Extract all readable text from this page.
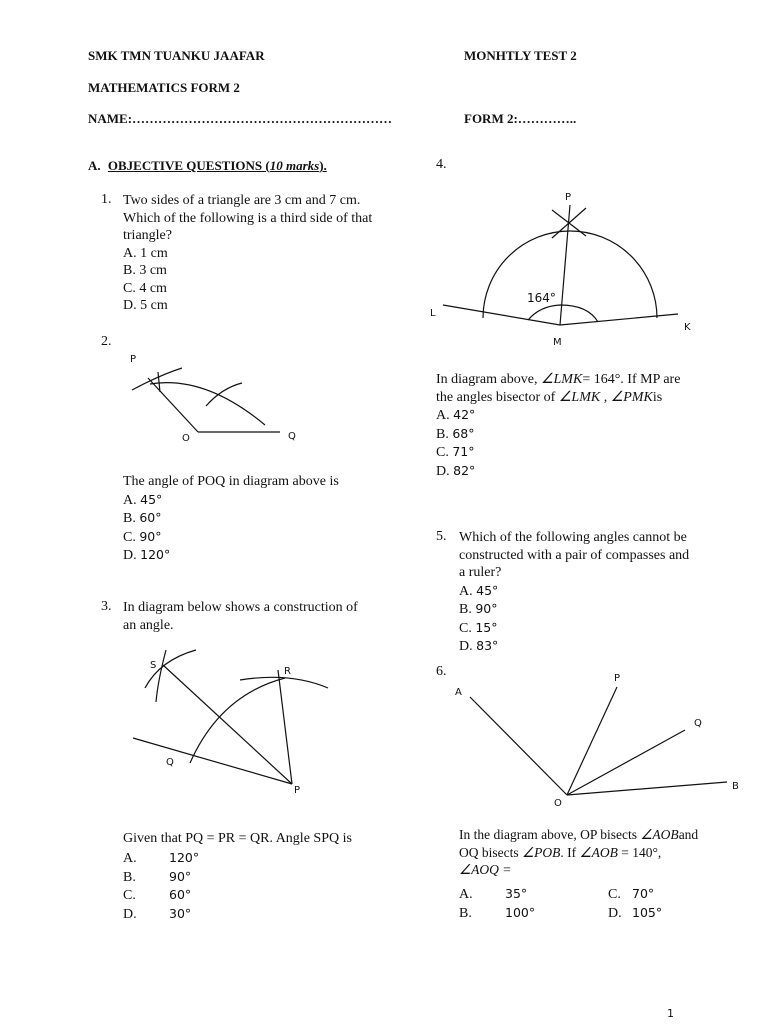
SMK TMN TUANKU JAAFAR	MONHTLY TEST 2
MATHEMATICS FORM 2
NAME:……………………………………………………	FORM 2:…………..
A. OBJECTIVE QUESTIONS (10 marks).
1. Two sides of a triangle are 3 cm and 7 cm.
Which of the following is a third side of that
triangle?
A. 1 cm
B. 3 cm
C. 4 cm
D. 5 cm
2.
P
O	Q
The angle of POQ in diagram above is
A. 45°
B. 60°
C. 90°
D. 120°
3. In diagram below shows a construction of
an angle.
S
R
Q
P
Given that PQ = PR = QR. Angle SPQ is
A.	120°
B.	90°
C.	60°
D.	30°
4.
P
L
K
M
164°
In diagram above, ∠LMK= 164°. If MP are
the angles bisector of ∠LMK , ∠PMKis
A. 42°
B. 68°
C. 71°
D. 82°
5. Which of the following angles cannot be
constructed with a pair of compasses and
a ruler?
A. 45°
B. 90°
C. 15°
D. 83°
6.
A
P
Q
B
O
In the diagram above, OP bisects ∠AOBand
OQ bisects ∠POB. If ∠AOB = 140°,
∠AOQ =
A.	35°
B.	100°
C. 70°
D. 105°
1
